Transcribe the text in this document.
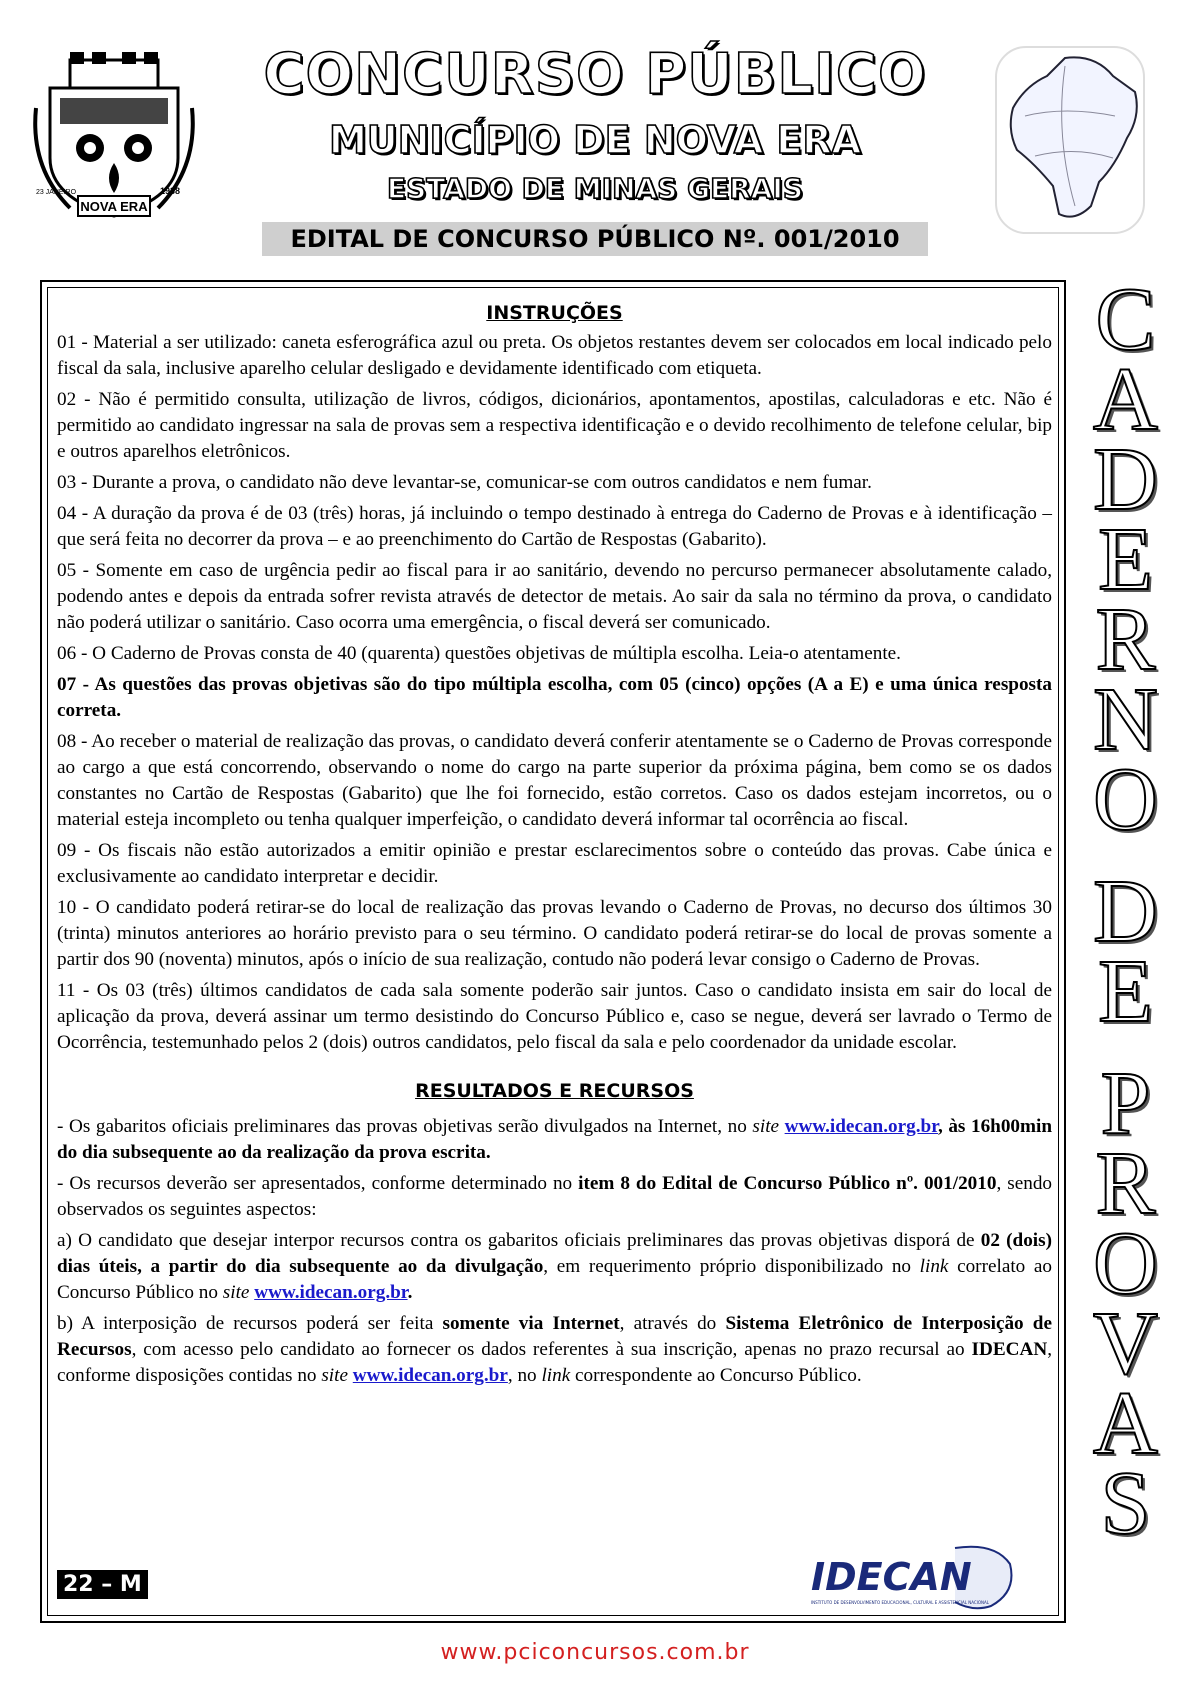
NOVA ERA
1938
23 JANEIRO
CONCURSO PÚBLICO
MUNICÍPIO DE NOVA ERA
ESTADO DE MINAS GERAIS
EDITAL DE CONCURSO PÚBLICO Nº. 001/2010
INSTRUÇÕES

01 - Material a ser utilizado: caneta esferográfica azul ou preta. Os objetos restantes devem ser colocados em local indicado pelo fiscal da sala, inclusive aparelho celular desligado e devidamente identificado com etiqueta.

02 - Não é permitido consulta, utilização de livros, códigos, dicionários, apontamentos, apostilas, calculadoras e etc. Não é permitido ao candidato ingressar na sala de provas sem a respectiva identificação e o devido recolhimento de telefone celular, bip e outros aparelhos eletrônicos.

03 - Durante a prova, o candidato não deve levantar-se, comunicar-se com outros candidatos e nem fumar.

04 - A duração da prova é de 03 (três) horas, já incluindo o tempo destinado à entrega do Caderno de Provas e à identificação – que será feita no decorrer da prova – e ao preenchimento do Cartão de Respostas (Gabarito).

05 - Somente em caso de urgência pedir ao fiscal para ir ao sanitário, devendo no percurso permanecer absolutamente calado, podendo antes e depois da entrada sofrer revista através de detector de metais. Ao sair da sala no término da prova, o candidato não poderá utilizar o sanitário. Caso ocorra uma emergência, o fiscal deverá ser comunicado.

06 - O Caderno de Provas consta de 40 (quarenta) questões objetivas de múltipla escolha. Leia-o atentamente.

07 - As questões das provas objetivas são do tipo múltipla escolha, com 05 (cinco) opções (A a E) e uma única resposta correta.

08 - Ao receber o material de realização das provas, o candidato deverá conferir atentamente se o Caderno de Provas corresponde ao cargo a que está concorrendo, observando o nome do cargo na parte superior da próxima página, bem como se os dados constantes no Cartão de Respostas (Gabarito) que lhe foi fornecido, estão corretos. Caso os dados estejam incorretos, ou o material esteja incompleto ou tenha qualquer imperfeição, o candidato deverá informar tal ocorrência ao fiscal.

09 - Os fiscais não estão autorizados a emitir opinião e prestar esclarecimentos sobre o conteúdo das provas. Cabe única e exclusivamente ao candidato interpretar e decidir.

10 - O candidato poderá retirar-se do local de realização das provas levando o Caderno de Provas, no decurso dos últimos 30 (trinta) minutos anteriores ao horário previsto para o seu término. O candidato poderá retirar-se do local de provas somente a partir dos 90 (noventa) minutos, após o início de sua realização, contudo não poderá levar consigo o Caderno de Provas.

11 - Os 03 (três) últimos candidatos de cada sala somente poderão sair juntos. Caso o candidato insista em sair do local de aplicação da prova, deverá assinar um termo desistindo do Concurso Público e, caso se negue, deverá ser lavrado o Termo de Ocorrência, testemunhado pelos 2 (dois) outros candidatos, pelo fiscal da sala e pelo coordenador da unidade escolar.

RESULTADOS E RECURSOS

- Os gabaritos oficiais preliminares das provas objetivas serão divulgados na Internet, no site www.idecan.org.br, às 16h00min do dia subsequente ao da realização da prova escrita.

- Os recursos deverão ser apresentados, conforme determinado no item 8 do Edital de Concurso Público nº. 001/2010, sendo observados os seguintes aspectos:

a) O candidato que desejar interpor recursos contra os gabaritos oficiais preliminares das provas objetivas disporá de 02 (dois) dias úteis, a partir do dia subsequente ao da divulgação, em requerimento próprio disponibilizado no link correlato ao Concurso Público no site www.idecan.org.br.

b) A interposição de recursos poderá ser feita somente via Internet, através do Sistema Eletrônico de Interposição de Recursos, com acesso pelo candidato ao fornecer os dados referentes à sua inscrição, apenas no prazo recursal ao IDECAN, conforme disposições contidas no site www.idecan.org.br, no link correspondente ao Concurso Público.

C
A
D
E
R
N
O
D
E
P
R
O
V
A
S
22 – M	IDECAN
INSTITUTO DE DESENVOLVIMENTO EDUCACIONAL, CULTURAL E ASSISTENCIAL NACIONAL
www.pciconcursos.com.br
